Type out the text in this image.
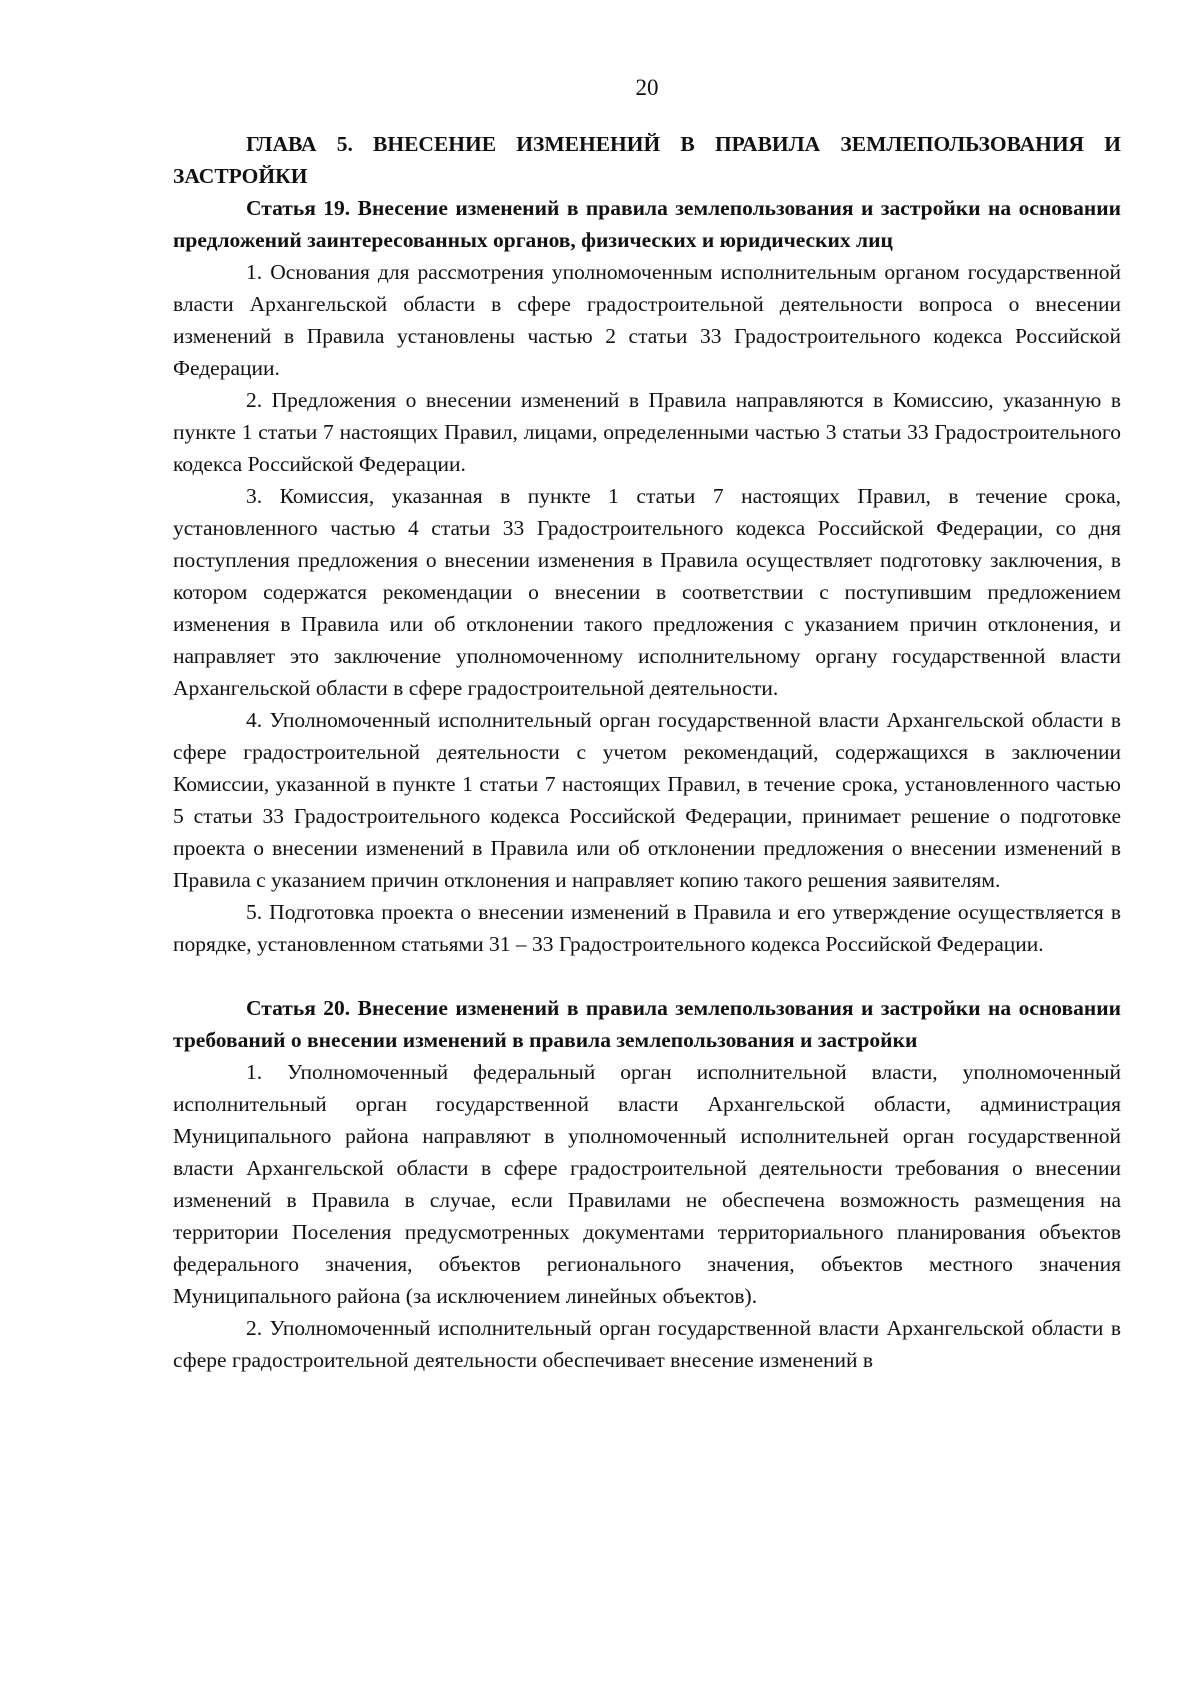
20

ГЛАВА 5. ВНЕСЕНИЕ ИЗМЕНЕНИЙ В ПРАВИЛА ЗЕМЛЕПОЛЬЗОВАНИЯ И ЗАСТРОЙКИ

Статья 19. Внесение изменений в правила землепользования и застройки на основании предложений заинтересованных органов, физических и юридических лиц

1. Основания для рассмотрения уполномоченным исполнительным органом государственной власти Архангельской области в сфере градостроительной деятельности вопроса о внесении изменений в Правила установлены частью 2 статьи 33 Градостроительного кодекса Российской Федерации.

2. Предложения о внесении изменений в Правила направляются в Комиссию, указанную в пункте 1 статьи 7 настоящих Правил, лицами, определенными частью 3 статьи 33 Градостроительного кодекса Российской Федерации.

3. Комиссия, указанная в пункте 1 статьи 7 настоящих Правил, в течение срока, установленного частью 4 статьи 33 Градостроительного кодекса Российской Федерации, со дня поступления предложения о внесении изменения в Правила осуществляет подготовку заключения, в котором содержатся рекомендации о внесении в соответствии с поступившим предложением изменения в Правила или об отклонении такого предложения с указанием причин отклонения, и направляет это заключение уполномоченному исполнительному органу государственной власти Архангельской области в сфере градостроительной деятельности.

4. Уполномоченный исполнительный орган государственной власти Архангельской области в сфере градостроительной деятельности с учетом рекомендаций, содержащихся в заключении Комиссии, указанной в пункте 1 статьи 7 настоящих Правил, в течение срока, установленного частью 5 статьи 33 Градостроительного кодекса Российской Федерации, принимает решение о подготовке проекта о внесении изменений в Правила или об отклонении предложения о внесении изменений в Правила с указанием причин отклонения и направляет копию такого решения заявителям.

5. Подготовка проекта о внесении изменений в Правила и его утверждение осуществляется в порядке, установленном статьями 31 – 33 Градостроительного кодекса Российской Федерации.

Статья 20. Внесение изменений в правила землепользования и застройки на основании требований о внесении изменений в правила землепользования и застройки

1. Уполномоченный федеральный орган исполнительной власти, уполномоченный исполнительный орган государственной власти Архангельской области, администрация Муниципального района направляют в уполномоченный исполнительней орган государственной власти Архангельской области в сфере градостроительной деятельности требования о внесении изменений в Правила в случае, если Правилами не обеспечена возможность размещения на территории Поселения предусмотренных документами территориального планирования объектов федерального значения, объектов регионального значения, объектов местного значения Муниципального района (за исключением линейных объектов).

2. Уполномоченный исполнительный орган государственной власти Архангельской области в сфере градостроительной деятельности обеспечивает внесение изменений в
